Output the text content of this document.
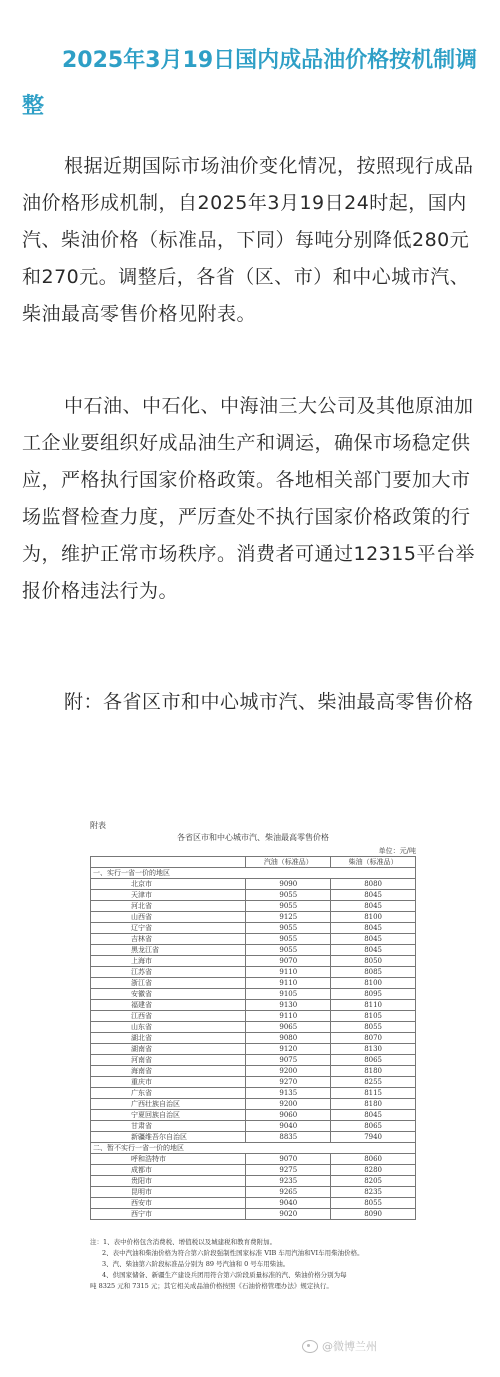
2025年3月19日国内成品油价格按机制调整

根据近期国际市场油价变化情况，按照现行成品油价格形成机制，自2025年3月19日24时起，国内汽、柴油价格（标准品，下同）每吨分别降低280元和270元。调整后，各省（区、市）和中心城市汽、柴油最高零售价格见附表。

中石油、中石化、中海油三大公司及其他原油加工企业要组织好成品油生产和调运，确保市场稳定供应，严格执行国家价格政策。各地相关部门要加大市场监督检查力度，严厉查处不执行国家价格政策的行为，维护正常市场秩序。消费者可通过12315平台举报价格违法行为。

附：各省区市和中心城市汽、柴油最高零售价格

附表
各省区市和中心城市汽、柴油最高零售价格
单位：元/吨
	汽油（标准品）	柴油（标准品）
一、实行一省一价的地区		
北京市	9090	8080
天津市	9055	8045
河北省	9055	8045
山西省	9125	8100
辽宁省	9055	8045
吉林省	9055	8045
黑龙江省	9055	8045
上海市	9070	8050
江苏省	9110	8085
浙江省	9110	8100
安徽省	9105	8095
福建省	9130	8110
江西省	9110	8105
山东省	9065	8055
湖北省	9080	8070
湖南省	9120	8130
河南省	9075	8065
海南省	9200	8180
重庆市	9270	8255
广东省	9135	8115
广西壮族自治区	9200	8180
宁夏回族自治区	9060	8045
甘肃省	9040	8065
新疆维吾尔自治区	8835	7940
二、暂不实行一省一价的地区		
呼和浩特市	9070	8060
成都市	9275	8280
贵阳市	9235	8205
昆明市	9265	8235
西安市	9040	8055
西宁市	9020	8090
注：1、表中价格包含消费税、增值税以及城建税和教育费附加。
2、表中汽油和柴油价格为符合第六阶段强制性国家标准 VIB 车用汽油和VI车用柴油价格。
3、汽、柴油第六阶段标准品分别为 89 号汽油和 0 号车用柴油。
4、供国家储备、新疆生产建设兵团用符合第六阶段质量标准的汽、柴油价格分别为每
吨 8325 元和 7315 元；其它相关成品油价格按照《石油价格管理办法》规定执行。
@微博兰州
